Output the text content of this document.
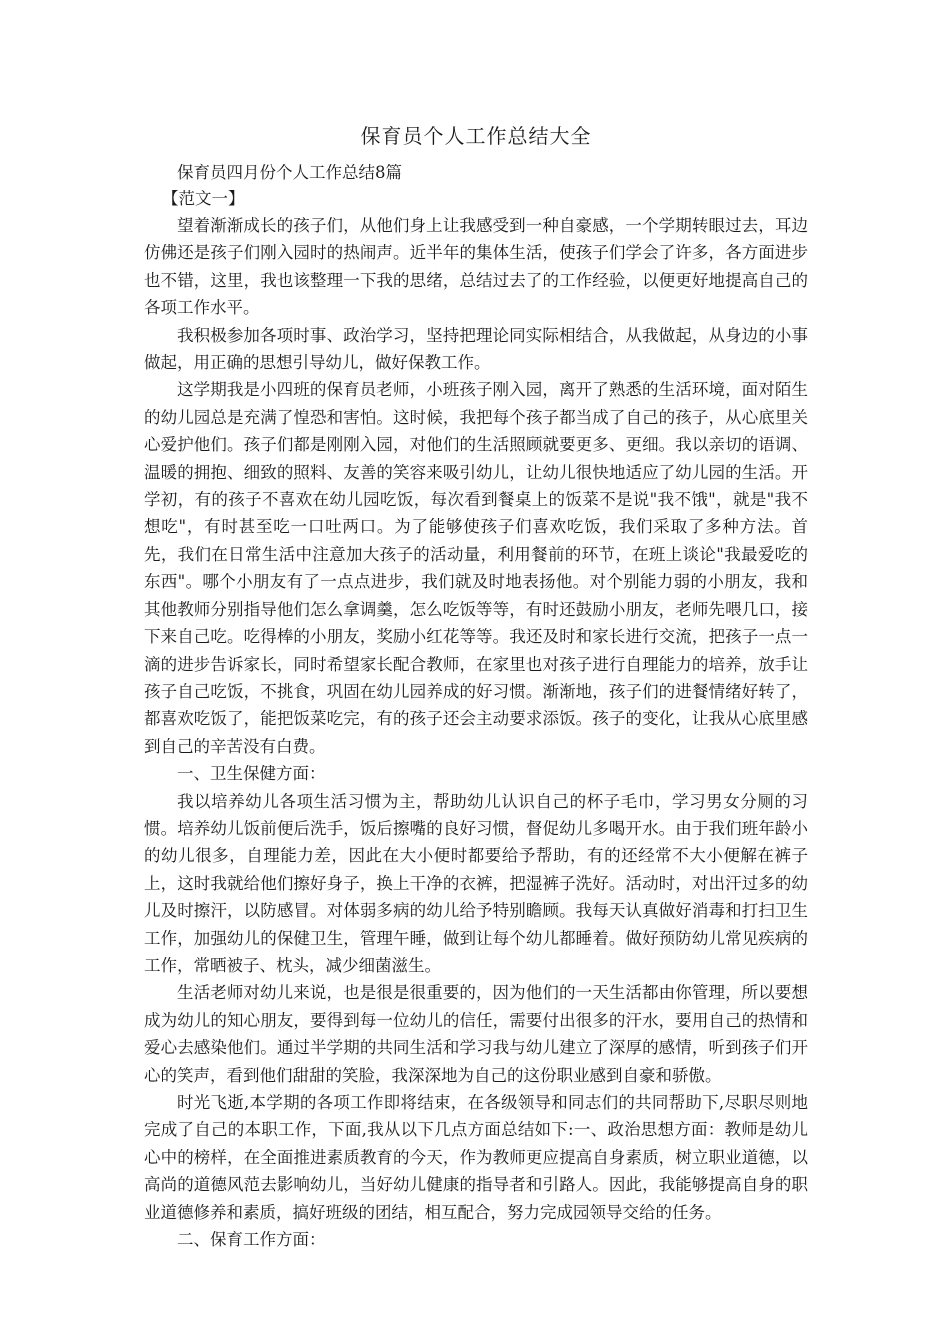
保育员个人工作总结大全
保育员四月份个人工作总结8篇
【范文一】

望着渐渐成长的孩子们，从他们身上让我感受到一种自豪感，一个学期转眼过去，耳边仿佛还是孩子们刚入园时的热闹声。近半年的集体生活，使孩子们学会了许多，各方面进步也不错，这里，我也该整理一下我的思绪，总结过去了的工作经验，以便更好地提高自己的各项工作水平。

我积极参加各项时事、政治学习，坚持把理论同实际相结合，从我做起，从身边的小事做起，用正确的思想引导幼儿，做好保教工作。

这学期我是小四班的保育员老师，小班孩子刚入园，离开了熟悉的生活环境，面对陌生的幼儿园总是充满了惶恐和害怕。这时候，我把每个孩子都当成了自己的孩子，从心底里关心爱护他们。孩子们都是刚刚入园，对他们的生活照顾就要更多、更细。我以亲切的语调、温暖的拥抱、细致的照料、友善的笑容来吸引幼儿，让幼儿很快地适应了幼儿园的生活。开学初，有的孩子不喜欢在幼儿园吃饭，每次看到餐桌上的饭菜不是说"我不饿"，就是"我不想吃"，有时甚至吃一口吐两口。为了能够使孩子们喜欢吃饭，我们采取了多种方法。首先，我们在日常生活中注意加大孩子的活动量，利用餐前的环节，在班上谈论"我最爱吃的东西"。哪个小朋友有了一点点进步，我们就及时地表扬他。对个别能力弱的小朋友，我和其他教师分别指导他们怎么拿调羹，怎么吃饭等等，有时还鼓励小朋友，老师先喂几口，接下来自己吃。吃得棒的小朋友，奖励小红花等等。我还及时和家长进行交流，把孩子一点一滴的进步告诉家长，同时希望家长配合教师，在家里也对孩子进行自理能力的培养，放手让孩子自己吃饭，不挑食，巩固在幼儿园养成的好习惯。渐渐地，孩子们的进餐情绪好转了，都喜欢吃饭了，能把饭菜吃完，有的孩子还会主动要求添饭。孩子的变化，让我从心底里感到自己的辛苦没有白费。

一、卫生保健方面：

我以培养幼儿各项生活习惯为主，帮助幼儿认识自己的杯子毛巾，学习男女分厕的习惯。培养幼儿饭前便后洗手，饭后擦嘴的良好习惯，督促幼儿多喝开水。由于我们班年龄小的幼儿很多，自理能力差，因此在大小便时都要给予帮助，有的还经常不大小便解在裤子上，这时我就给他们擦好身子，换上干净的衣裤，把湿裤子洗好。活动时，对出汗过多的幼儿及时擦汗，以防感冒。对体弱多病的幼儿给予特别瞻顾。我每天认真做好消毒和打扫卫生工作，加强幼儿的保健卫生，管理午睡，做到让每个幼儿都睡着。做好预防幼儿常见疾病的工作，常晒被子、枕头，减少细菌滋生。

生活老师对幼儿来说，也是很是很重要的，因为他们的一天生活都由你管理，所以要想成为幼儿的知心朋友，要得到每一位幼儿的信任，需要付出很多的汗水，要用自己的热情和爱心去感染他们。通过半学期的共同生活和学习我与幼儿建立了深厚的感情，听到孩子们开心的笑声，看到他们甜甜的笑脸，我深深地为自己的这份职业感到自豪和骄傲。

时光飞逝,本学期的各项工作即将结束，在各级领导和同志们的共同帮助下,尽职尽则地完成了自己的本职工作，下面,我从以下几点方面总结如下:一、政治思想方面：教师是幼儿心中的榜样，在全面推进素质教育的今天，作为教师更应提高自身素质，树立职业道德，以高尚的道德风范去影响幼儿，当好幼儿健康的指导者和引路人。因此，我能够提高自身的职业道德修养和素质，搞好班级的团结，相互配合，努力完成园领导交给的任务。

二、保育工作方面：
